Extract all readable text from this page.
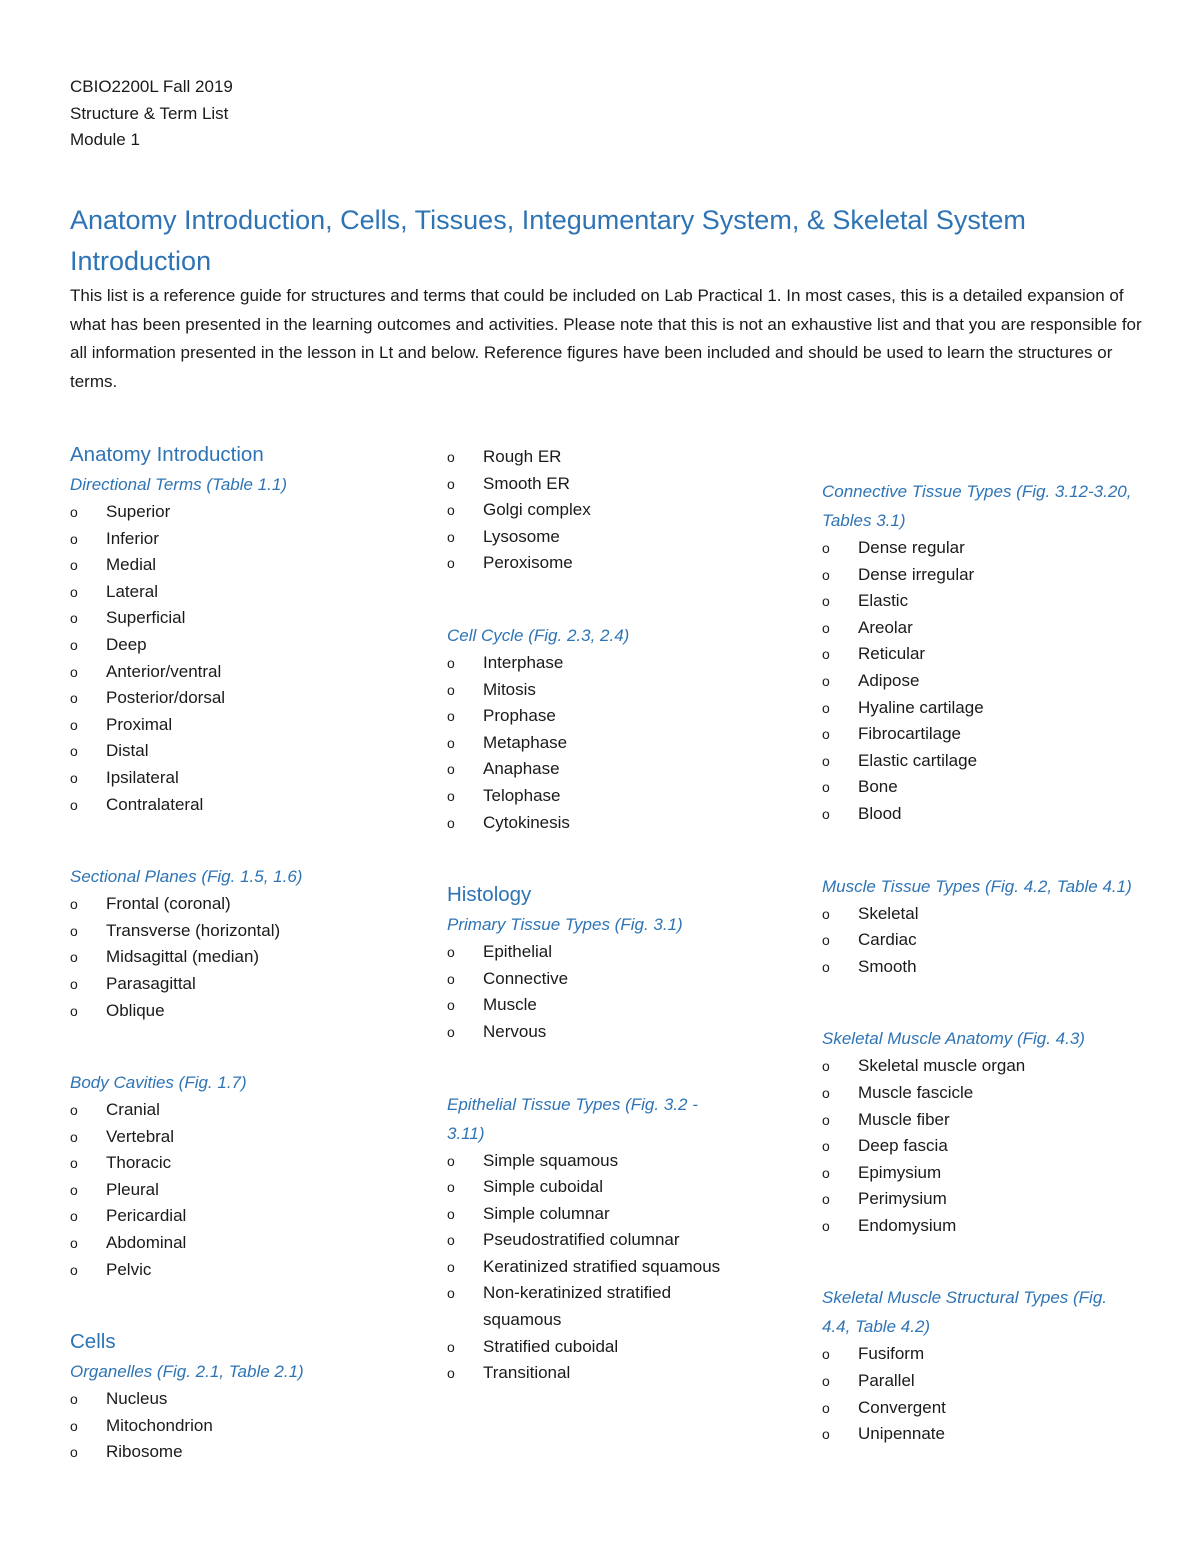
CBIO2200L Fall 2019
Structure & Term List
Module 1
Anatomy Introduction, Cells, Tissues, Integumentary System, & Skeletal System Introduction

This list is a reference guide for structures and terms that could be included on Lab Practical 1. In most cases, this is a detailed expansion of what has been presented in the learning outcomes and activities. Please note that this is not an exhaustive list and that you are responsible for all information presented in the lesson in Lt and below. Reference figures have been included and should be used to learn the structures or terms.

Anatomy Introduction
Directional Terms (Table 1.1)
o Superior
o Inferior
o Medial
o Lateral
o Superficial
o Deep
o Anterior/ventral
o Posterior/dorsal
o Proximal
o Distal
o Ipsilateral
o Contralateral
Sectional Planes (Fig. 1.5, 1.6)
o Frontal (coronal)
o Transverse (horizontal)
o Midsagittal (median)
o Parasagittal
o Oblique
Body Cavities (Fig. 1.7)
o Cranial
o Vertebral
o Thoracic
o Pleural
o Pericardial
o Abdominal
o Pelvic
Cells
Organelles (Fig. 2.1, Table 2.1)
o Nucleus
o Mitochondrion
o Ribosome
o Rough ER
o Smooth ER
o Golgi complex
o Lysosome
o Peroxisome
Cell Cycle (Fig. 2.3, 2.4)
o Interphase
o Mitosis
o Prophase
o Metaphase
o Anaphase
o Telophase
o Cytokinesis
Histology
Primary Tissue Types (Fig. 3.1)
o Epithelial
o Connective
o Muscle
o Nervous
Epithelial Tissue Types (Fig. 3.2 - 3.11)
o Simple squamous
o Simple cuboidal
o Simple columnar
o Pseudostratified columnar
o Keratinized stratified squamous
o Non-keratinized stratified squamous
o Stratified cuboidal
o Transitional
Connective Tissue Types (Fig. 3.12-3.20, Tables 3.1)
o Dense regular
o Dense irregular
o Elastic
o Areolar
o Reticular
o Adipose
o Hyaline cartilage
o Fibrocartilage
o Elastic cartilage
o Bone
o Blood
Muscle Tissue Types (Fig. 4.2, Table 4.1)
o Skeletal
o Cardiac
o Smooth
Skeletal Muscle Anatomy (Fig. 4.3)
o Skeletal muscle organ
o Muscle fascicle
o Muscle fiber
o Deep fascia
o Epimysium
o Perimysium
o Endomysium
Skeletal Muscle Structural Types (Fig. 4.4, Table 4.2)
o Fusiform
o Parallel
o Convergent
o Unipennate
